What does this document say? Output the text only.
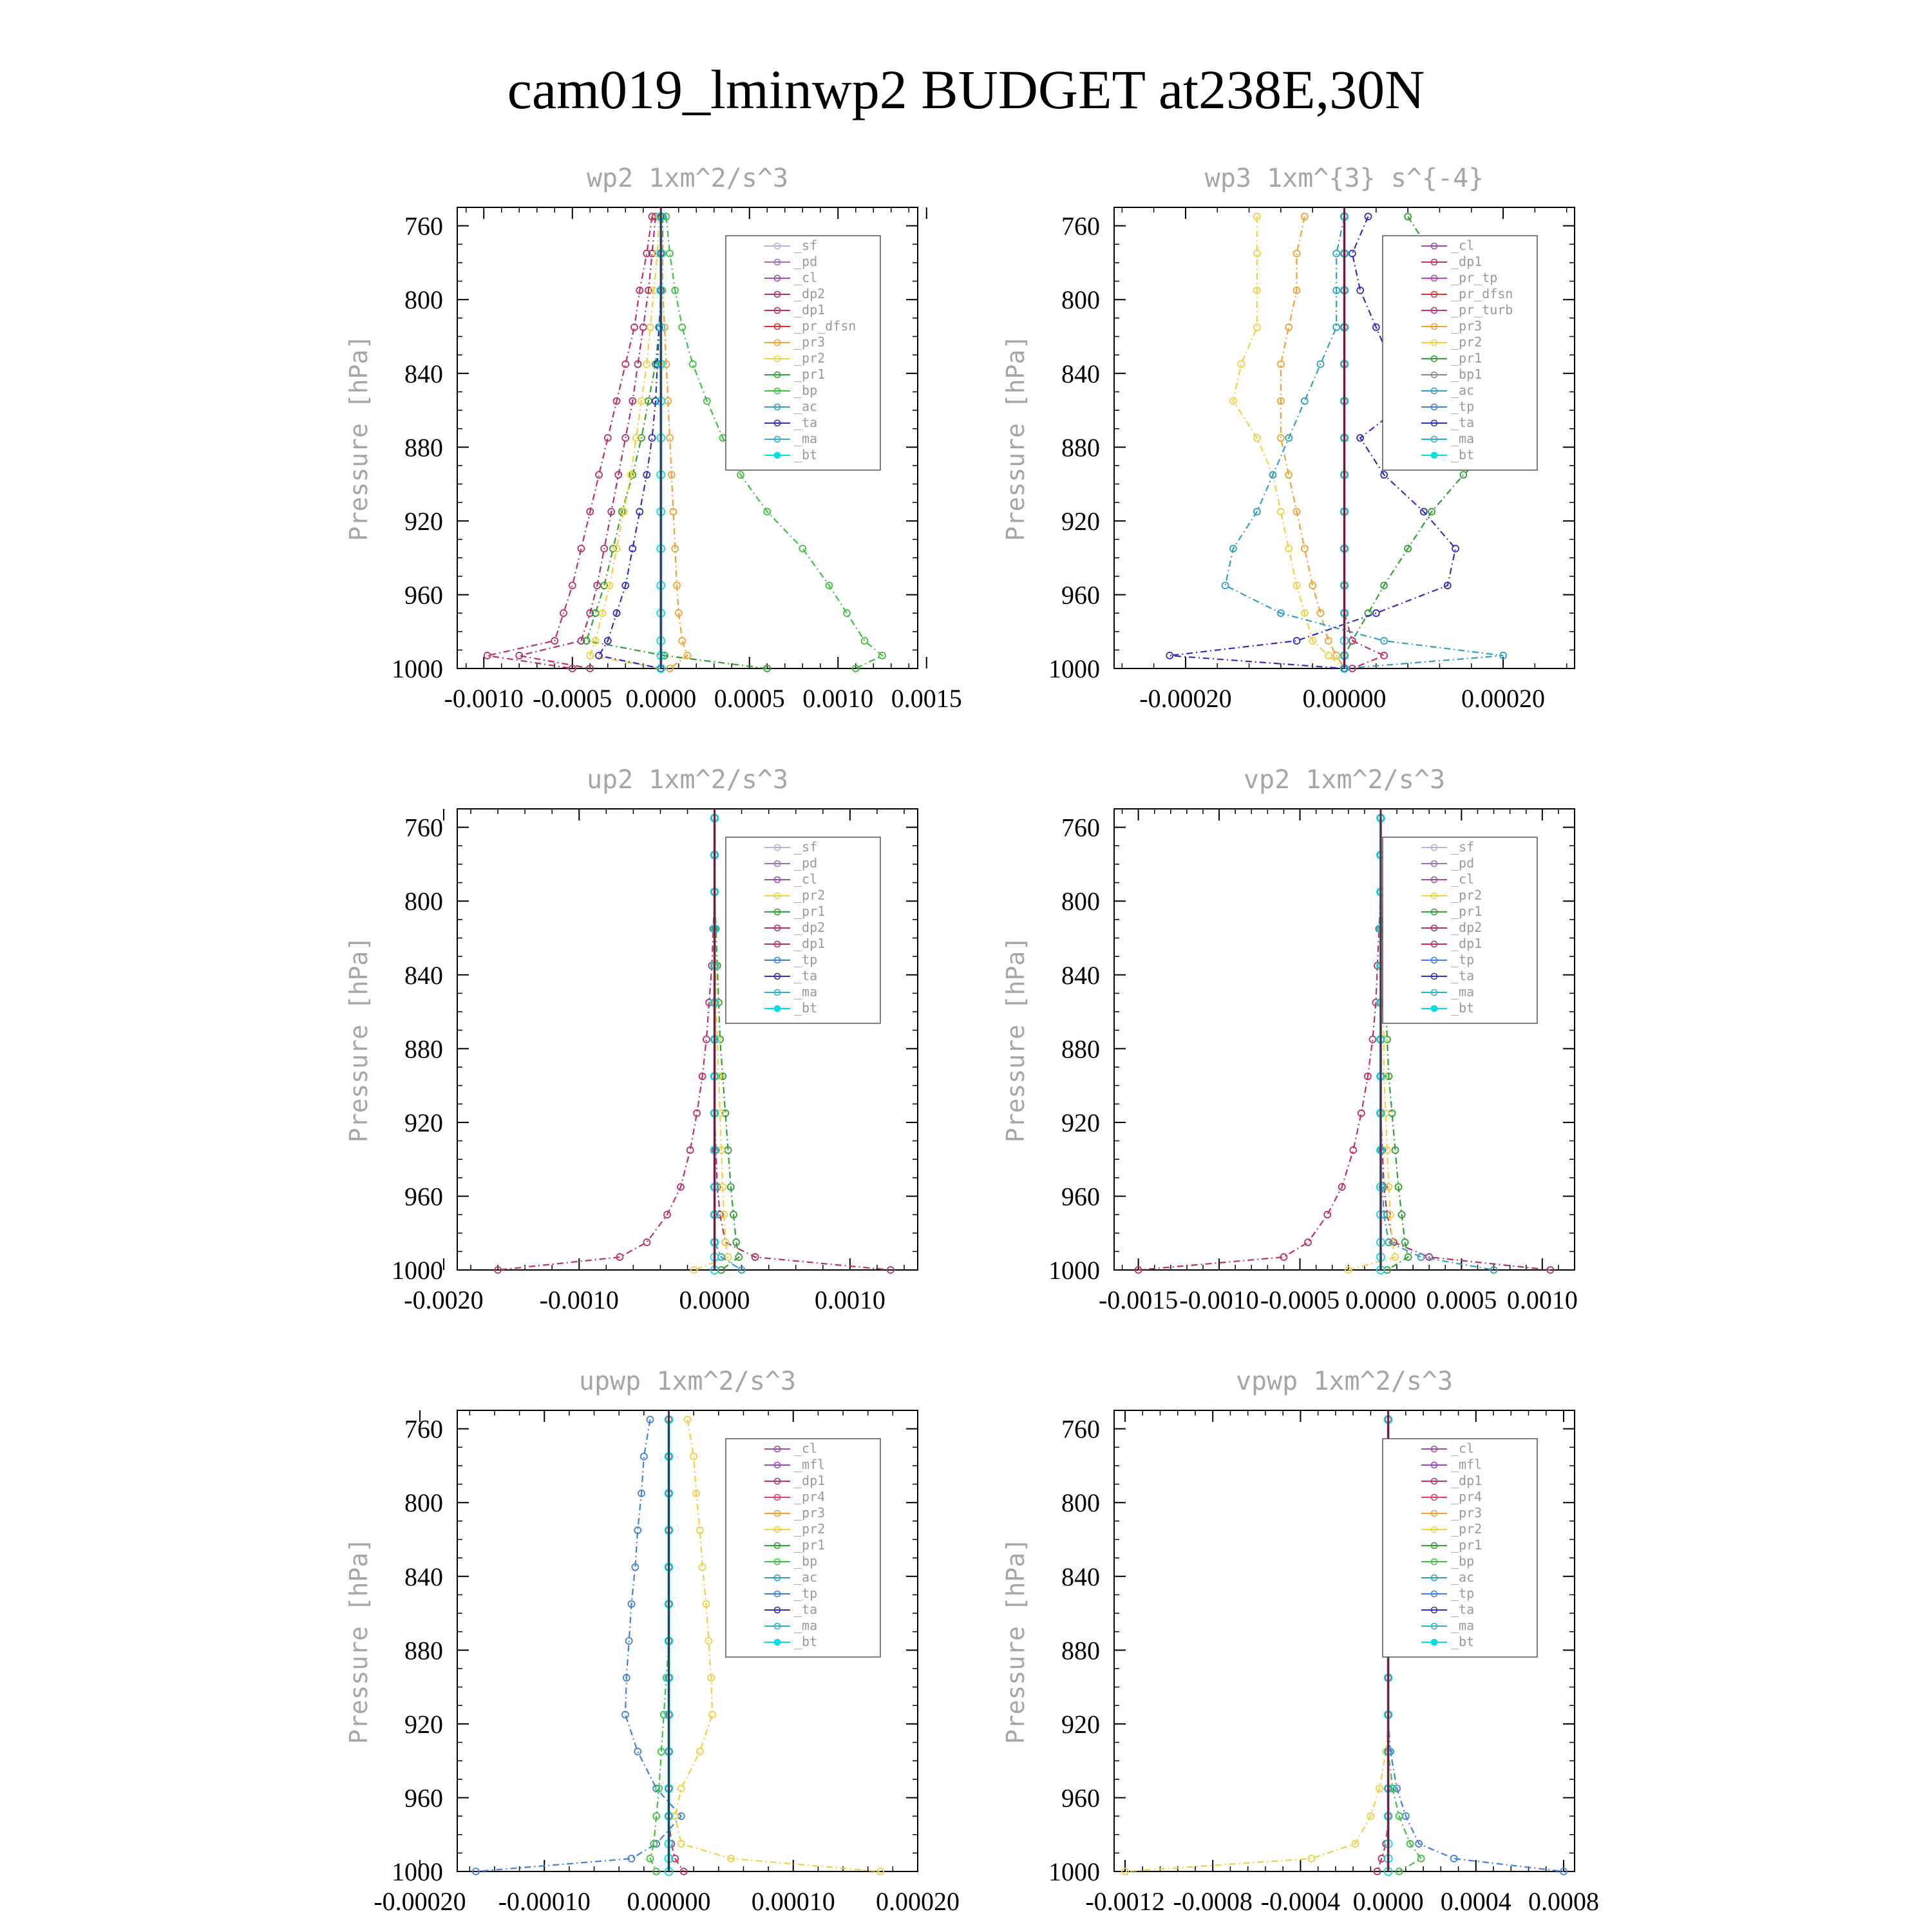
cam019_lminwp2 BUDGET at238E,30N
wp2 1xm^2/s^3
Pressure [hPa]
760
800
840
880
920
960
1000
-0.0010 -0.0005 0.0000 0.0005 0.0010 0.0015
_sf
_pd
_cl
_dp2
_dp1
_pr_dfsn
_pr3
_pr2
_pr1
_bp
_ac
_ta
_ma
_bt
wp3 1xm^{3} s^{-4}
Pressure [hPa]
760
800
840
880
920
960
1000
-0.00020	0.00000	0.00020
_cl
_dp1
_pr_tp
_pr_dfsn
_pr_turb
_pr3
_pr2
_pr1
_bp1
_ac
_tp
_ta
_ma
_bt
up2 1xm^2/s^3
Pressure [hPa]
760
800
840
880
920
960
1000
-0.0020 -0.0010 0.0000	0.0010
_sf
_pd
_cl
_pr2
_pr1
_dp2
_dp1
_tp
_ta
_ma
_bt
vp2 1xm^2/s^3
Pressure [hPa]
760
800
840
880
920
960
1000
-0.0015 -0.0010 -0.0005 0.0000 0.0005 0.0010
_sf
_pd
_cl
_pr2
_pr1
_dp2
_dp1
_tp
_ta
_ma
_bt
upwp 1xm^2/s^3
Pressure [hPa]
760
800
840
880
920
960
1000
-0.00020 -0.00010 0.00000 0.00010 0.00020
_cl
_mfl
_dp1
_pr4
_pr3
_pr2
_pr1
_bp
_ac
_tp
_ta
_ma
_bt
vpwp 1xm^2/s^3
Pressure [hPa]
760
800
840
880
920
960
1000
-0.0012 -0.0008 -0.0004 0.0000 0.0004 0.0008
_cl
_mfl
_dp1
_pr4
_pr3
_pr2
_pr1
_bp
_ac
_tp
_ta
_ma
_bt
